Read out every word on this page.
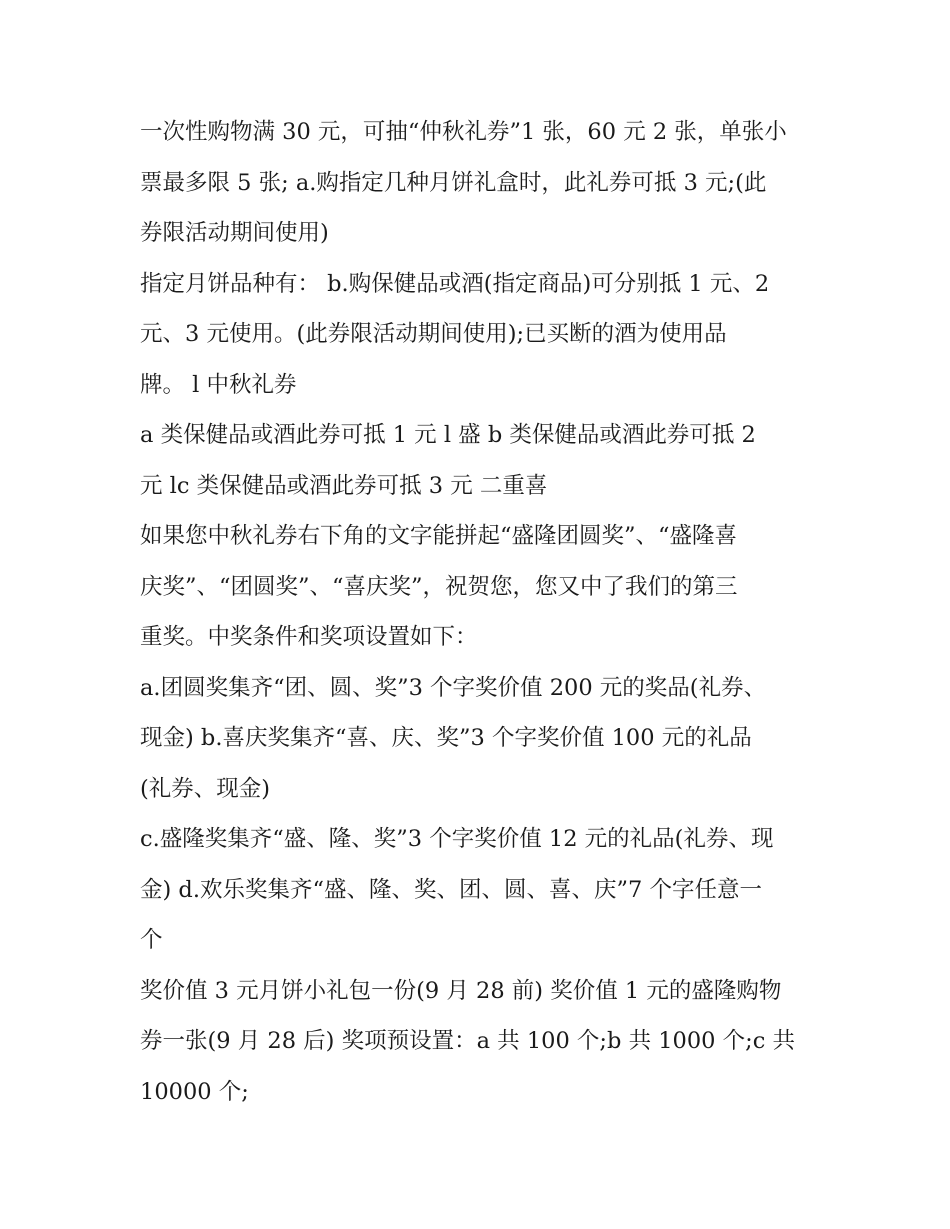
一次性购物满 30 元，可抽“仲秋礼券”1 张，60 元 2 张，单张小

票最多限 5 张; a.购指定几种月饼礼盒时，此礼券可抵 3 元;(此

券限活动期间使用)

指定月饼品种有： b.购保健品或酒(指定商品)可分别抵 1 元、2

元、3 元使用。(此券限活动期间使用);已买断的酒为使用品

牌。 l 中秋礼券

a 类保健品或酒此券可抵 1 元 l 盛 b 类保健品或酒此券可抵 2

元 lc 类保健品或酒此券可抵 3 元 二重喜

如果您中秋礼券右下角的文字能拼起“盛隆团圆奖”、“盛隆喜

庆奖”、“团圆奖”、“喜庆奖”，祝贺您，您又中了我们的第三

重奖。中奖条件和奖项设置如下：

a.团圆奖集齐“团、圆、奖”3 个字奖价值 200 元的奖品(礼券、

现金) b.喜庆奖集齐“喜、庆、奖”3 个字奖价值 100 元的礼品

(礼券、现金)

c.盛隆奖集齐“盛、隆、奖”3 个字奖价值 12 元的礼品(礼券、现

金) d.欢乐奖集齐“盛、隆、奖、团、圆、喜、庆”7 个字任意一

个

奖价值 3 元月饼小礼包一份(9 月 28 前) 奖价值 1 元的盛隆购物

券一张(9 月 28 后) 奖项预设置：a 共 100 个;b 共 1000 个;c 共

10000 个;
